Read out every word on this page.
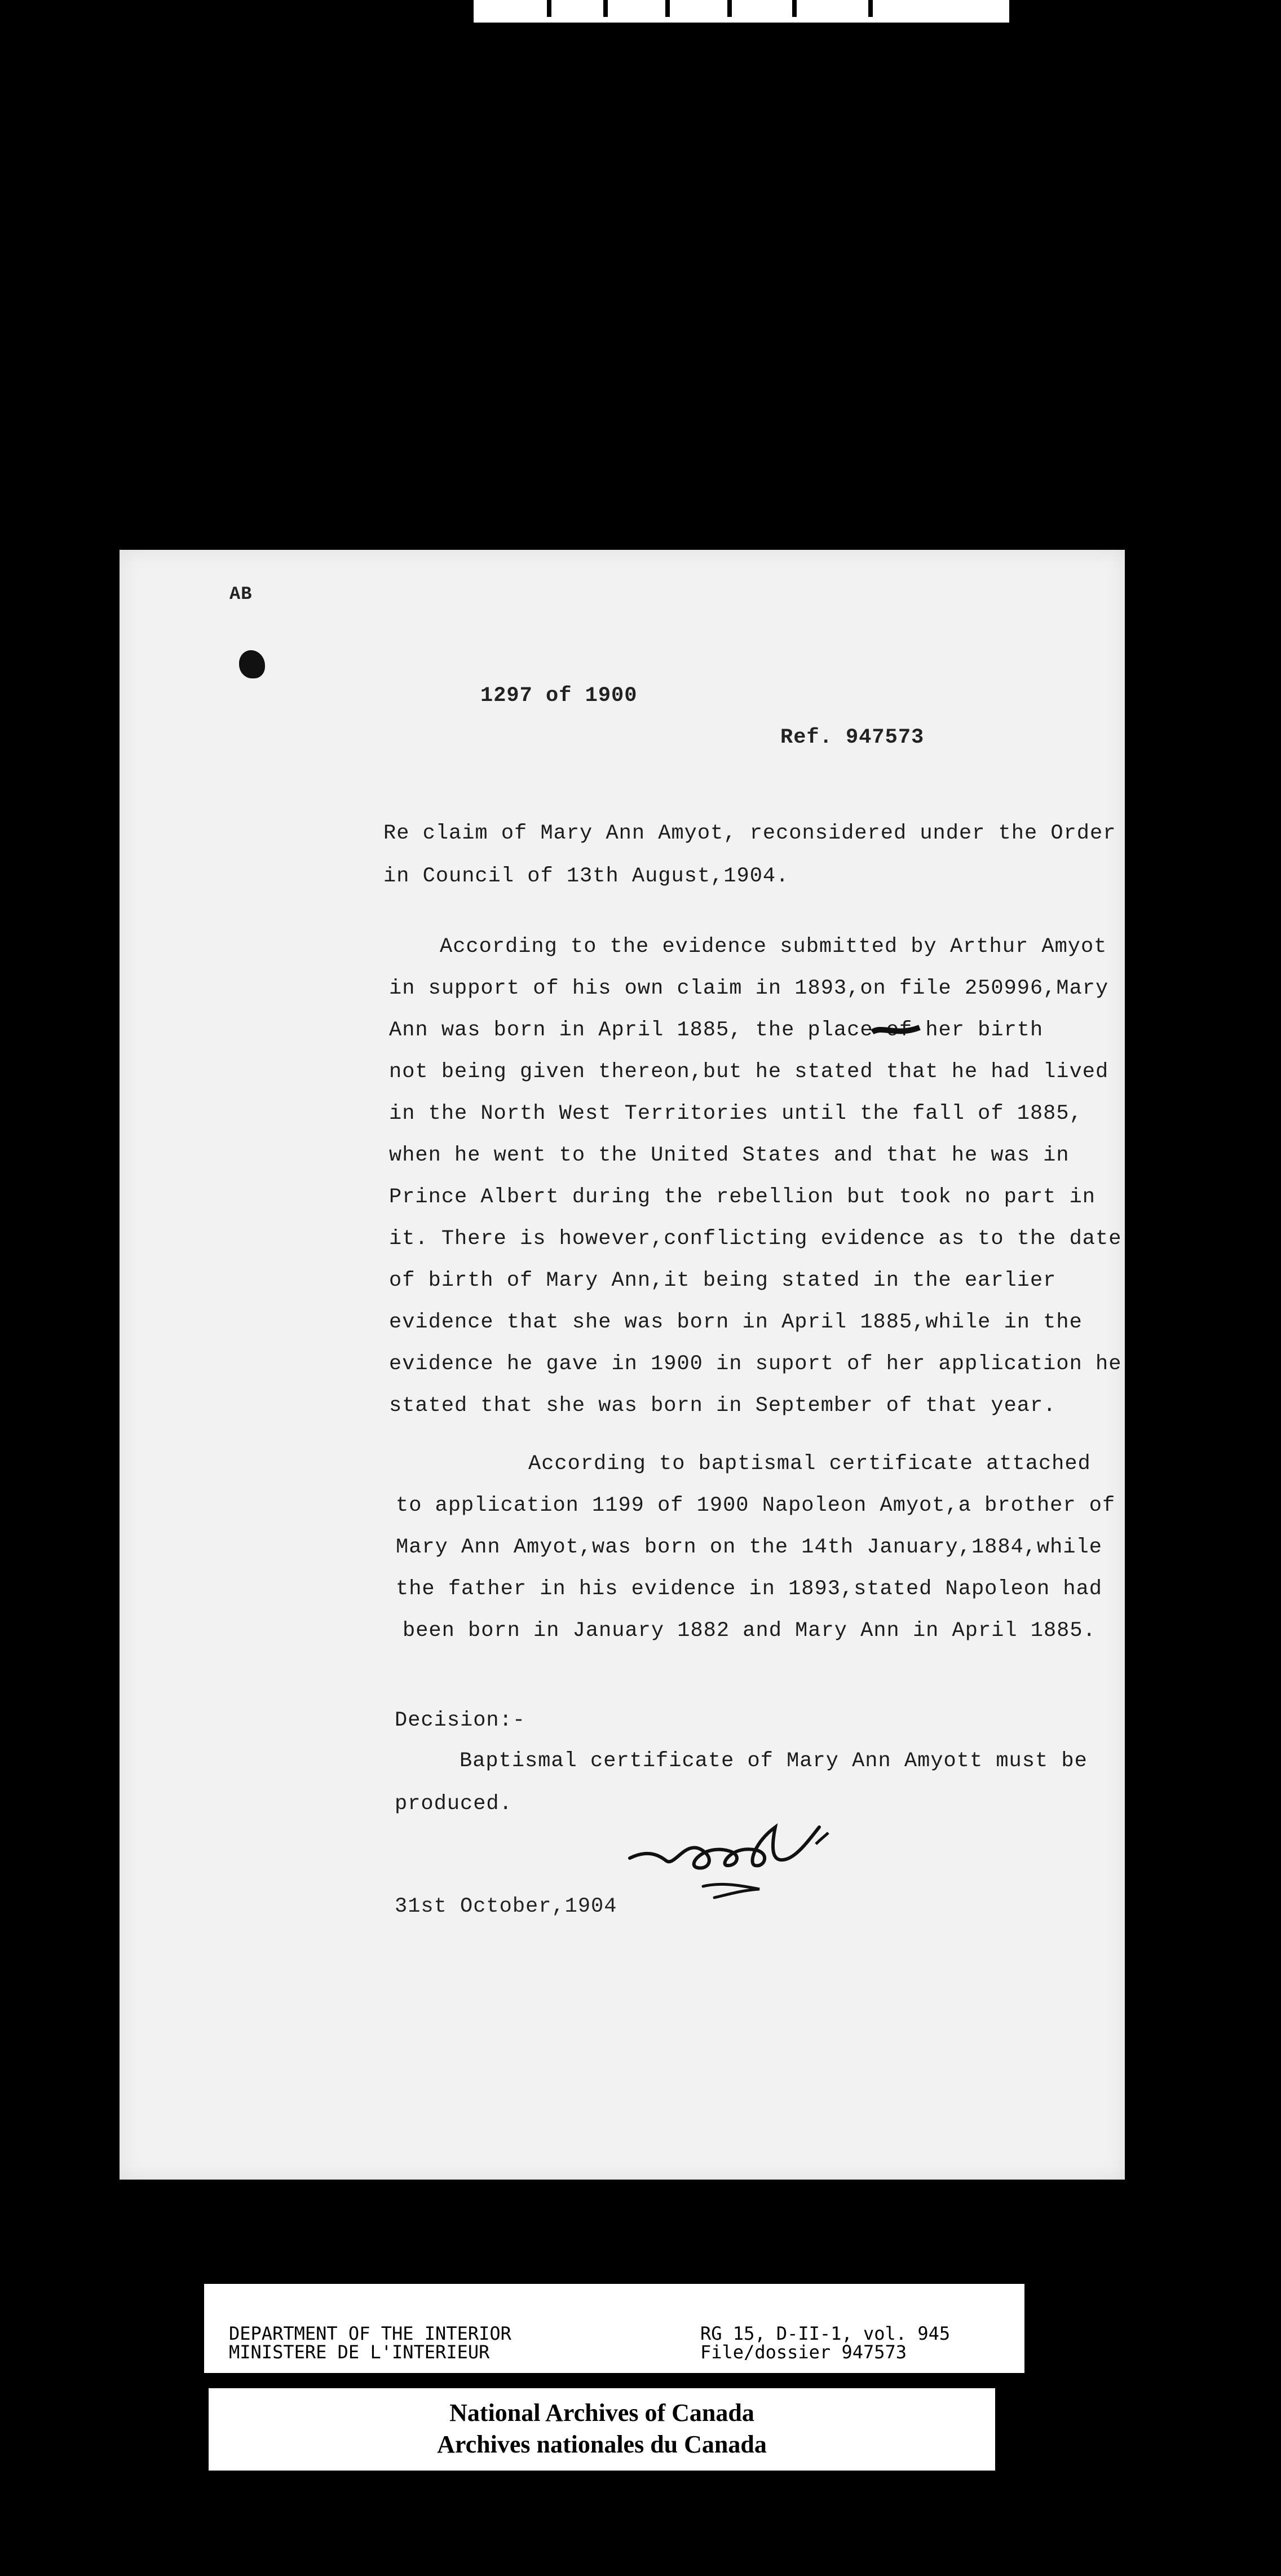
AB
1297 of 1900
Ref. 947573
Re claim of Mary Ann Amyot, reconsidered under the Order
in Council of 13th August,1904.
According to the evidence submitted by Arthur Amyot
in support of his own claim in 1893,on file 250996,Mary
Ann was born in April 1885, the place of her birth
not being given thereon,but he stated that he had lived
in the North West Territories until the fall of 1885,
when he went to the United States and that he was in
Prince Albert during the rebellion but took no part in
it. There is however,conflicting evidence as to the date
of birth of Mary Ann,it being stated in the earlier
evidence that she was born in April 1885,while in the
evidence he gave in 1900 in suport of her application he
stated that she was born in September of that year.
According to baptismal certificate attached
to application 1199 of 1900 Napoleon Amyot,a brother of
Mary Ann Amyot,was born on the 14th January,1884,while
the father in his evidence in 1893,stated Napoleon had
been born in January 1882 and Mary Ann in April 1885.
Decision:-
Baptismal certificate of Mary Ann Amyott must be
produced.
31st October,1904
DEPARTMENT OF THE INTERIOR
MINISTERE DE L'INTERIEUR
RG 15, D-II-1, vol. 945
File/dossier 947573
National Archives of Canada
Archives nationales du Canada
